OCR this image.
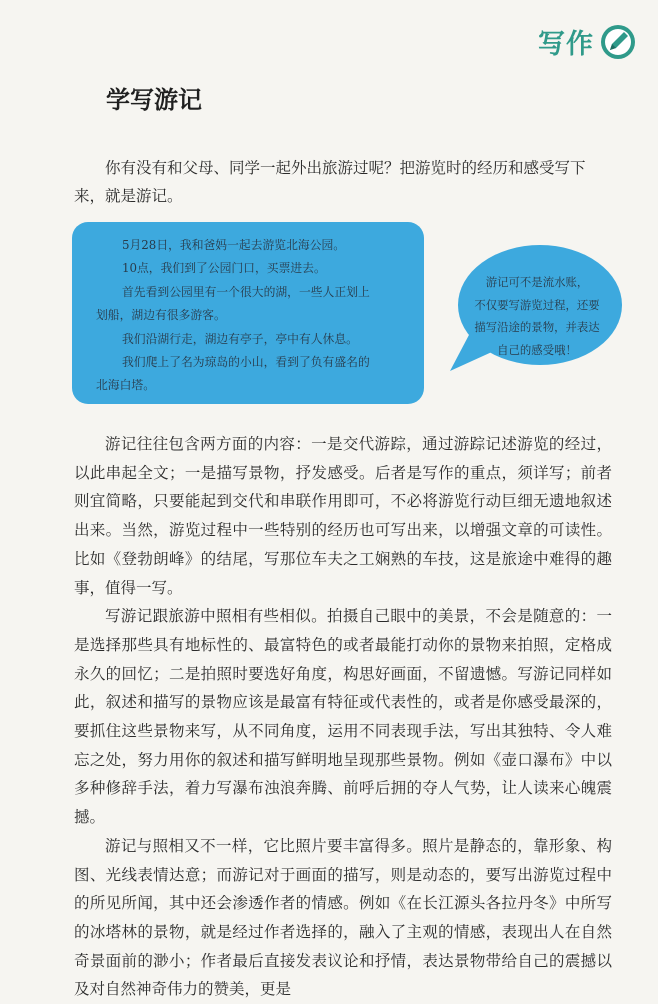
写作
学写游记

你有没有和父母、同学一起外出旅游过呢？把游览时的经历和感受写下来，就是游记。

5月28日，我和爸妈一起去游览北海公园。

10点，我们到了公园门口，买票进去。

首先看到公园里有一个很大的湖，一些人正划上

划船，湖边有很多游客。

我们沿湖行走，湖边有亭子，亭中有人休息。

我们爬上了名为琼岛的小山，看到了负有盛名的

北海白塔。

游记可不是流水账，
不仅要写游览过程，还要
描写沿途的景物，并表达
自己的感受哦！

游记往往包含两方面的内容：一是交代游踪，通过游踪记述游览的经过，以此串起全文；一是描写景物，抒发感受。后者是写作的重点，须详写；前者则宜简略，只要能起到交代和串联作用即可，不必将游览行动巨细无遗地叙述出来。当然，游览过程中一些特别的经历也可写出来，以增强文章的可读性。比如《登勃朗峰》的结尾，写那位车夫之工娴熟的车技，这是旅途中难得的趣事，值得一写。

写游记跟旅游中照相有些相似。拍摄自己眼中的美景，不会是随意的：一是选择那些具有地标性的、最富特色的或者最能打动你的景物来拍照，定格成永久的回忆；二是拍照时要选好角度，构思好画面，不留遗憾。写游记同样如此，叙述和描写的景物应该是最富有特征或代表性的，或者是你感受最深的，要抓住这些景物来写，从不同角度，运用不同表现手法，写出其独特、令人难忘之处，努力用你的叙述和描写鲜明地呈现那些景物。例如《壶口瀑布》中以多种修辞手法，着力写瀑布浊浪奔腾、前呼后拥的夺人气势，让人读来心魄震撼。

游记与照相又不一样，它比照片要丰富得多。照片是静态的，靠形象、构图、光线表情达意；而游记对于画面的描写，则是动态的，要写出游览过程中的所见所闻，其中还会渗透作者的情感。例如《在长江源头各拉丹冬》中所写的冰塔林的景物，就是经过作者选择的，融入了主观的情感，表现出人在自然奇景面前的渺小；作者最后直接发表议论和抒情，表达景物带给自己的震撼以及对自然神奇伟力的赞美，更是
